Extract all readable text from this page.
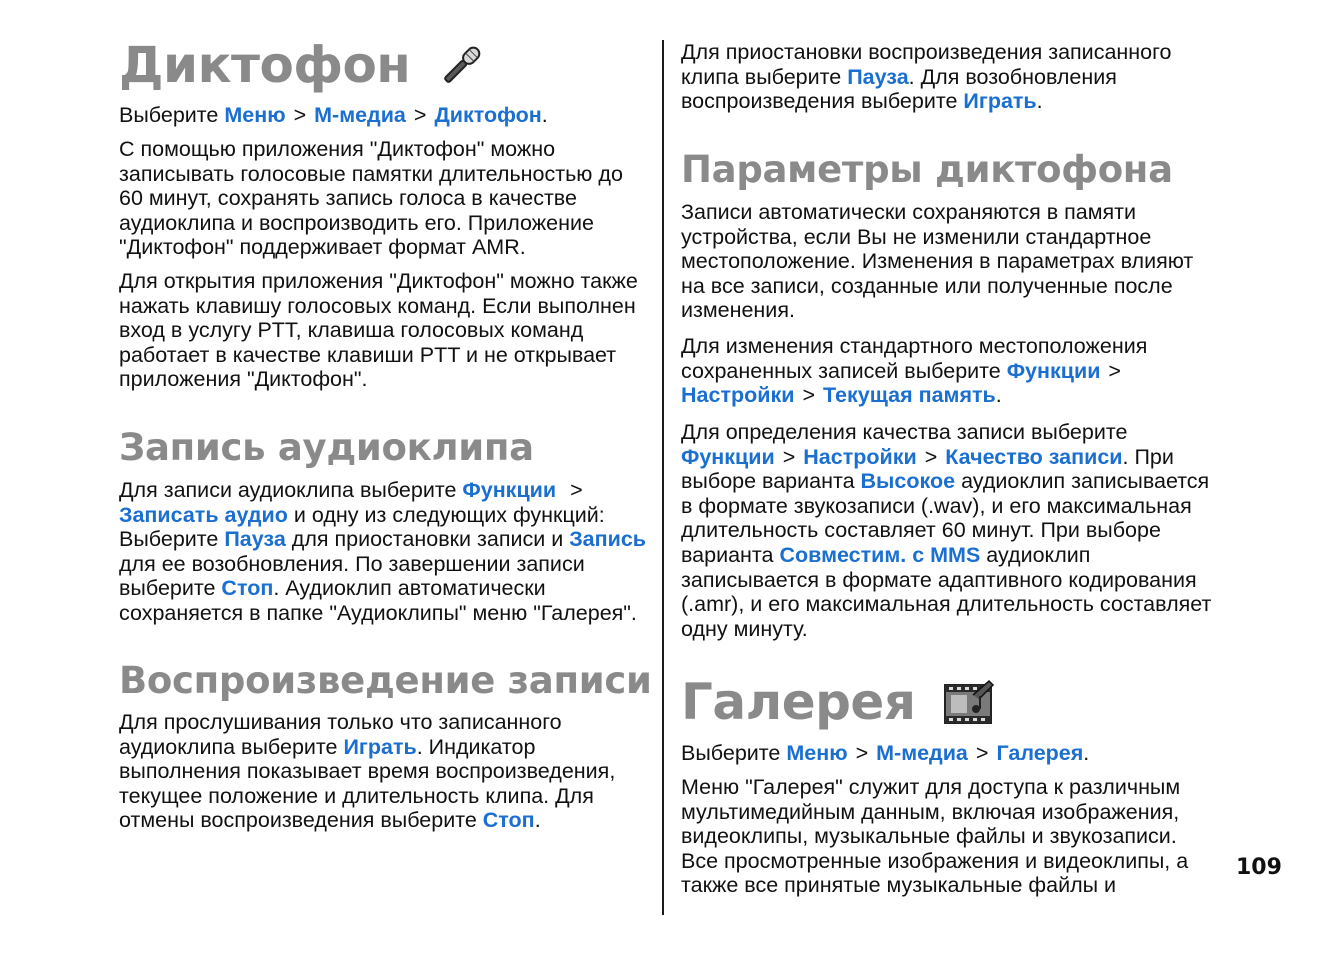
Диктофон

Выберите Меню > М-медиа > Диктофон.

С помощью приложения "Диктофон" можно записывать голосовые памятки длительностью до 60 минут, сохранять запись голоса в качестве аудиоклипа и воспроизводить его. Приложение "Диктофон" поддерживает формат AMR.

Для открытия приложения "Диктофон" можно также нажать клавишу голосовых команд. Если выполнен вход в услугу PTT, клавиша голосовых команд работает в качестве клавиши PTT и не открывает приложения "Диктофон".

Запись аудиоклипа

Для записи аудиоклипа выберите Функции > Записать аудио и одну из следующих функций: Выберите Пауза для приостановки записи и Запись для ее возобновления. По завершении записи выберите Стоп. Аудиоклип автоматически сохраняется в папке "Аудиоклипы" меню "Галерея".

Воспроизведение записи

Для прослушивания только что записанного аудиоклипа выберите Играть. Индикатор выполнения показывает время воспроизведения, текущее положение и длительность клипа. Для отмены воспроизведения выберите Стоп.

Для приостановки воспроизведения записанного клипа выберите Пауза. Для возобновления воспроизведения выберите Играть.

Параметры диктофона

Записи автоматически сохраняются в памяти устройства, если Вы не изменили стандартное местоположение. Изменения в параметрах влияют на все записи, созданные или полученные после изменения.

Для изменения стандартного местоположения сохраненных записей выберите Функции >
Настройки > Текущая память.

Для определения качества записи выберите
Функции > Настройки > Качество записи. При выборе варианта Высокое аудиоклип записывается в формате звукозаписи (.wav), и его максимальная длительность составляет 60 минут. При выборе варианта Совместим. с MMS аудиоклип записывается в формате адаптивного кодирования (.amr), и его максимальная длительность составляет одну минуту.

Галерея

Выберите Меню > М-медиа > Галерея.

Меню "Галерея" служит для доступа к различным мультимедийным данным, включая изображения, видеоклипы, музыкальные файлы и звукозаписи. Все просмотренные изображения и видеоклипы, а также все принятые музыкальные файлы и

109
